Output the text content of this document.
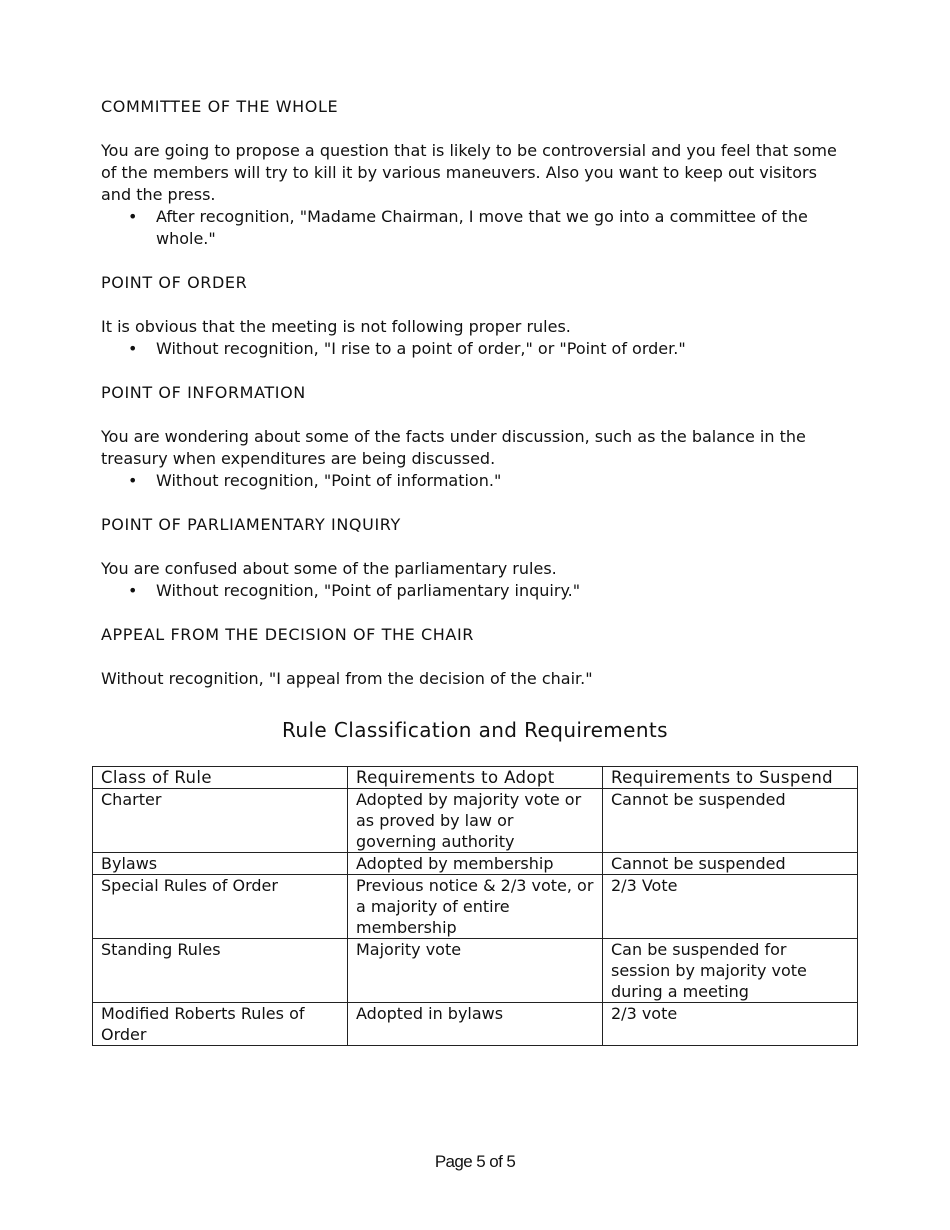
COMMITTEE OF THE WHOLE

You are going to propose a question that is likely to be controversial and you feel that some of the members will try to kill it by various maneuvers. Also you want to keep out visitors and the press.

• After recognition, "Madame Chairman, I move that we go into a committee of the whole."
POINT OF ORDER

It is obvious that the meeting is not following proper rules.

• Without recognition, "I rise to a point of order," or "Point of order."
POINT OF INFORMATION

You are wondering about some of the facts under discussion, such as the balance in the treasury when expenditures are being discussed.

• Without recognition, "Point of information."
POINT OF PARLIAMENTARY INQUIRY

You are confused about some of the parliamentary rules.

• Without recognition, "Point of parliamentary inquiry."
APPEAL FROM THE DECISION OF THE CHAIR

Without recognition, "I appeal from the decision of the chair."

Rule Classification and Requirements
Class of Rule	Requirements to Adopt	Requirements to Suspend
Charter	Adopted by majority vote or as proved by law or governing authority	Cannot be suspended
Bylaws	Adopted by membership	Cannot be suspended
Special Rules of Order	Previous notice & 2/3 vote, or a majority of entire membership	2/3 Vote
Standing Rules	Majority vote	Can be suspended for session by majority vote during a meeting
Modified Roberts Rules of Order	Adopted in bylaws	2/3 vote
Page 5 of 5
